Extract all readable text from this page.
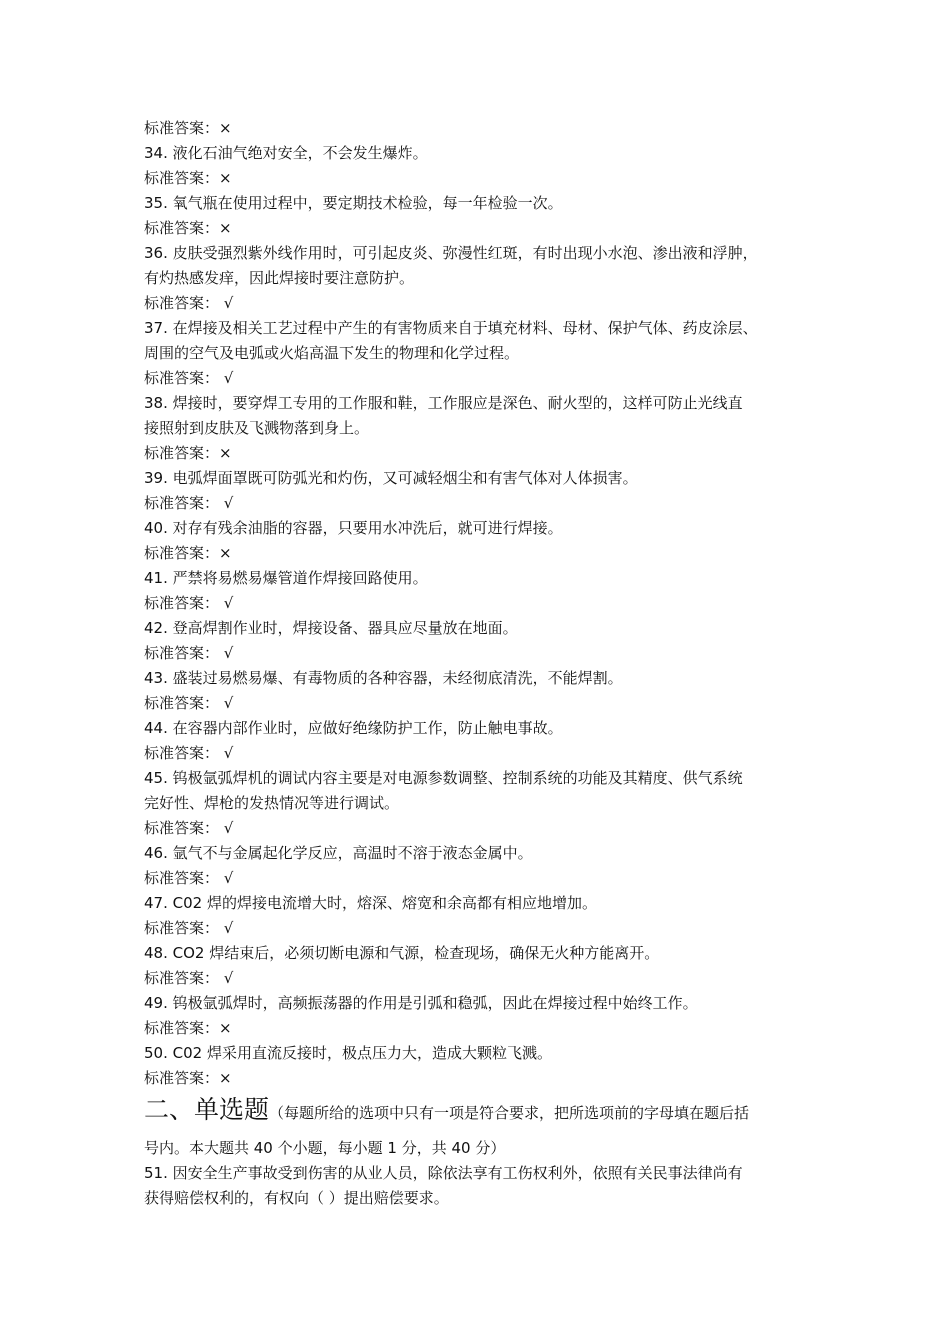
标准答案：×
34. 液化石油气绝对安全，不会发生爆炸。
标准答案：×
35. 氧气瓶在使用过程中，要定期技术检验，每一年检验一次。
标准答案：×
36. 皮肤受强烈紫外线作用时，可引起皮炎、弥漫性红斑，有时出现小水泡、渗出液和浮肿，
有灼热感发痒，因此焊接时要注意防护。
标准答案： √
37. 在焊接及相关工艺过程中产生的有害物质来自于填充材料、母材、保护气体、药皮涂层、
周围的空气及电弧或火焰高温下发生的物理和化学过程。
标准答案： √
38. 焊接时，要穿焊工专用的工作服和鞋，工作服应是深色、耐火型的，这样可防止光线直
接照射到皮肤及飞溅物落到身上。
标准答案：×
39. 电弧焊面罩既可防弧光和灼伤，又可减轻烟尘和有害气体对人体损害。
标准答案： √
40. 对存有残余油脂的容器，只要用水冲洗后，就可进行焊接。
标准答案：×
41. 严禁将易燃易爆管道作焊接回路使用。
标准答案： √
42. 登高焊割作业时，焊接设备、器具应尽量放在地面。
标准答案： √
43. 盛装过易燃易爆、有毒物质的各种容器，未经彻底清洗，不能焊割。
标准答案： √
44. 在容器内部作业时，应做好绝缘防护工作，防止触电事故。
标准答案： √
45. 钨极氩弧焊机的调试内容主要是对电源参数调整、控制系统的功能及其精度、供气系统
完好性、焊枪的发热情况等进行调试。
标准答案： √
46. 氩气不与金属起化学反应，高温时不溶于液态金属中。
标准答案： √
47. C02 焊的焊接电流增大时，熔深、熔宽和余高都有相应地增加。
标准答案： √
48. CO2 焊结束后，必须切断电源和气源，检查现场，确保无火种方能离开。
标准答案： √
49. 钨极氩弧焊时，高频振荡器的作用是引弧和稳弧，因此在焊接过程中始终工作。
标准答案：×
50. C02 焊采用直流反接时，极点压力大，造成大颗粒飞溅。
标准答案：×
二、单选题（每题所给的选项中只有一项是符合要求，把所选项前的字母填在题后括
号内。本大题共 40 个小题，每小题 1 分，共 40 分）
51. 因安全生产事故受到伤害的从业人员，除依法享有工伤权利外，依照有关民事法律尚有
获得赔偿权利的，有权向（ ）提出赔偿要求。
